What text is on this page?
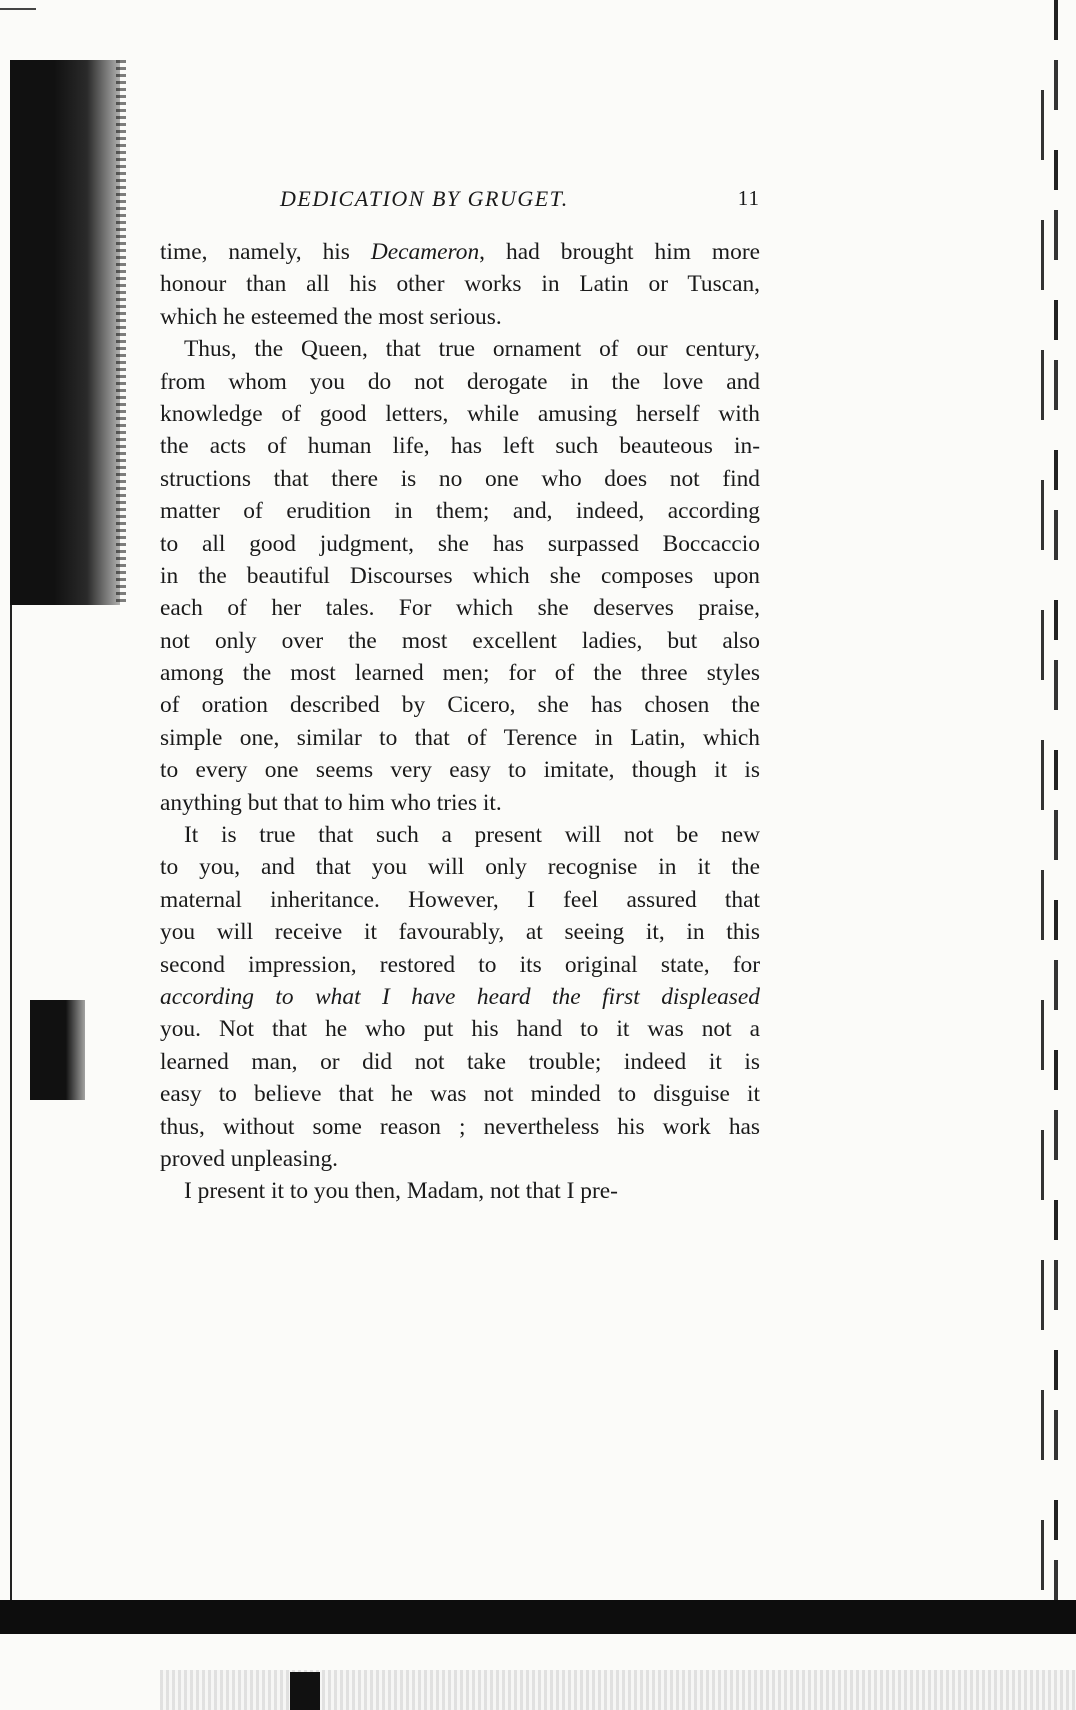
DEDICATION BY GRUGET.	11
time, namely, his Decameron, had brought him more
honour than all his other works in Latin or Tuscan,
which he esteemed the most serious.
Thus, the Queen, that true ornament of our century,
from whom you do not derogate in the love and
knowledge of good letters, while amusing herself with
the acts of human life, has left such beauteous in-
structions that there is no one who does not find
matter of erudition in them; and, indeed, according
to all good judgment, she has surpassed Boccaccio
in the beautiful Discourses which she composes upon
each of her tales. For which she deserves praise,
not only over the most excellent ladies, but also
among the most learned men; for of the three styles
of oration described by Cicero, she has chosen the
simple one, similar to that of Terence in Latin, which
to every one seems very easy to imitate, though it is
anything but that to him who tries it.
It is true that such a present will not be new
to you, and that you will only recognise in it the
maternal inheritance. However, I feel assured that
you will receive it favourably, at seeing it, in this
second impression, restored to its original state, for
according to what I have heard the first displeased
you. Not that he who put his hand to it was not a
learned man, or did not take trouble; indeed it is
easy to believe that he was not minded to disguise it
thus, without some reason ; nevertheless his work has
proved unpleasing.
I present it to you then, Madam, not that I pre-
